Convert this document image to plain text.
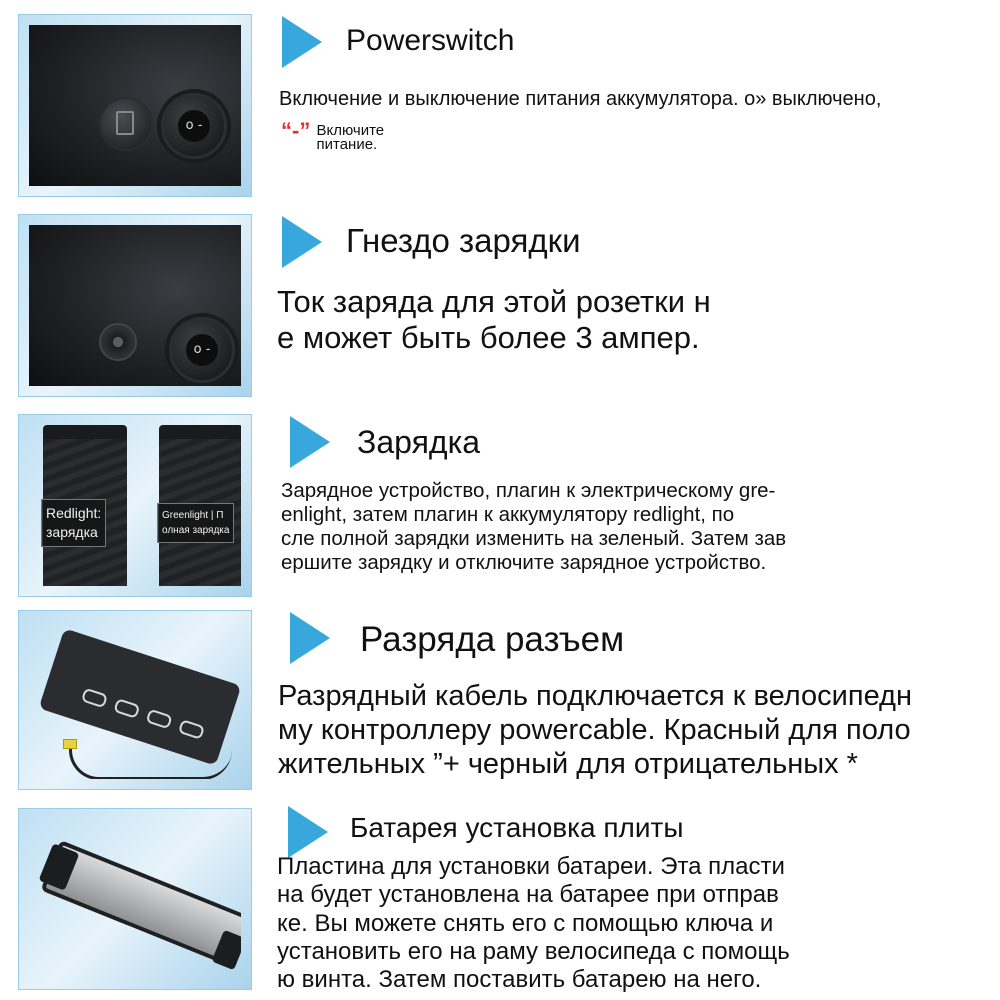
o -
Powerswitch
Включение и выключение питания аккумулятора. о» выключено,
“-” Включите
питание.
o -
Гнездо зарядки
Ток заряда для этой розетки н
е может быть более 3 ампер.
Redlight:
зарядка
Greenlight | П
олная зарядка
Зарядка
Зарядное устройство, плагин к электрическому gre-
enlight, затем плагин к аккумулятору redlight, по
сле полной зарядки изменить на зеленый. Затем зав
ершите зарядку и отключите зарядное устройство.
Разряда разъем
Разрядный кабель подключается к велосипедн
му контроллеру powercable. Красный для поло
жительных ”+ черный для отрицательных *
Батарея установка плиты
Пластина для установки батареи. Эта пласти
на будет установлена на батарее при отправ
ке. Вы можете снять его с помощью ключа и
установить его на раму велосипеда с помощь
ю винта. Затем поставить батарею на него.
